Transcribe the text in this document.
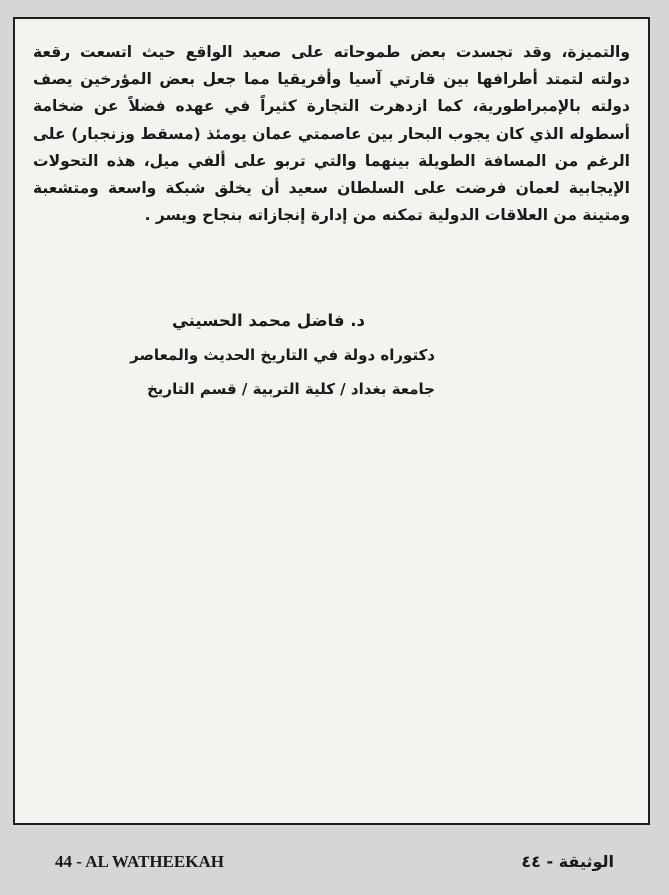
والتميزة، وقد تجسدت بعض طموحاته على صعيد الواقع حيث اتسعت رقعة دولته لتمتد أطرافها بين قارتي آسيا وأفريقيا مما جعل بعض المؤرخين يصف دولته بالإمبراطورية، كما ازدهرت التجارة كثيراً في عهده فضلاً عن ضخامة أسطوله الذي كان يجوب البحار بين عاصمتي عمان يومئذ (مسقط وزنجبار) على الرغم من المسافة الطويلة بينهما والتي تربو على ألفي ميل، هذه التحولات الإيجابية لعمان فرضت على السلطان سعيد أن يخلق شبكة واسعة ومتشعبة ومتينة من العلاقات الدولية تمكنه من إدارة إنجازاته بنجاح ويسر .

د. فاضل محمد الحسيني

دكتوراه دولة في التاريخ الحديث والمعاصر

جامعة بغداد / كلية التربية / قسم التاريخ

44 - AL WATHEEKAH	الوثيقة - ٤٤
